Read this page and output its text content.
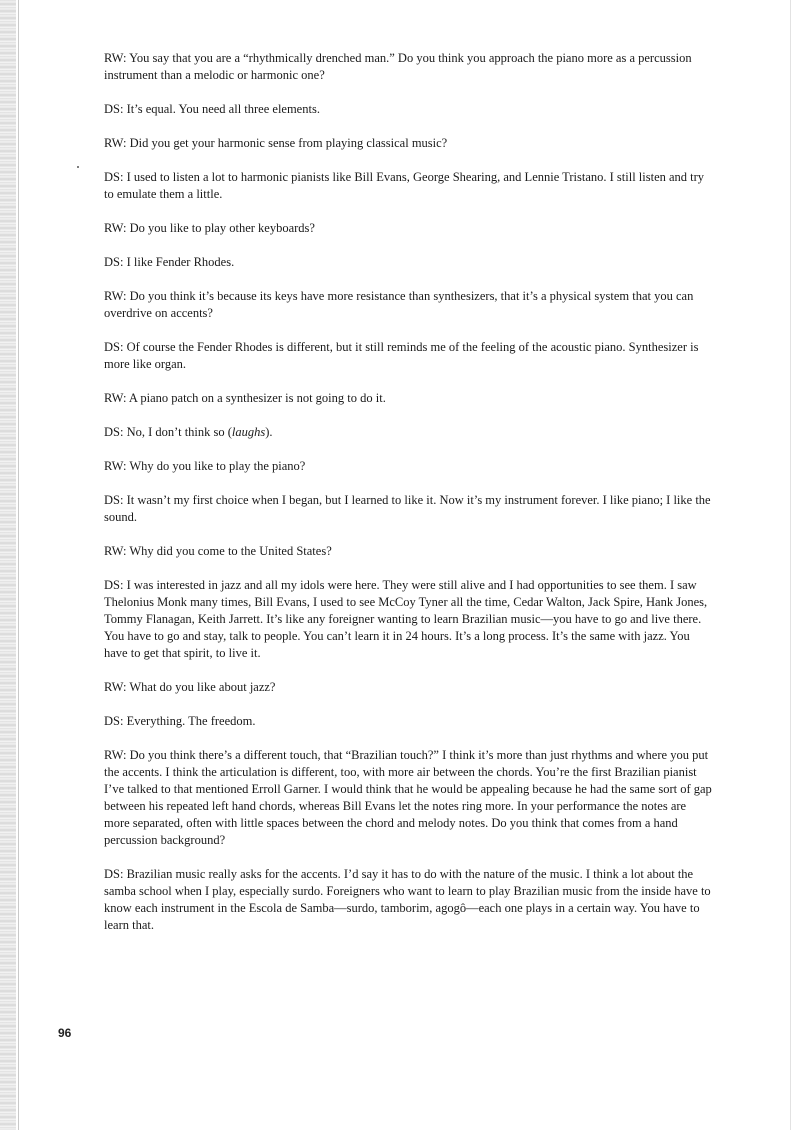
RW: You say that you are a “rhythmically drenched man.” Do you think you approach the piano more as a percussion instrument than a melodic or harmonic one?

DS: It’s equal. You need all three elements.

RW: Did you get your harmonic sense from playing classical music?

DS: I used to listen a lot to harmonic pianists like Bill Evans, George Shearing, and Lennie Tristano. I still listen and try to emulate them a little.

RW: Do you like to play other keyboards?

DS: I like Fender Rhodes.

RW: Do you think it’s because its keys have more resistance than synthesizers, that it’s a physical system that you can overdrive on accents?

DS: Of course the Fender Rhodes is different, but it still reminds me of the feeling of the acoustic piano. Synthesizer is more like organ.

RW: A piano patch on a synthesizer is not going to do it.

DS: No, I don’t think so (laughs).

RW: Why do you like to play the piano?

DS: It wasn’t my first choice when I began, but I learned to like it. Now it’s my instrument forever. I like piano; I like the sound.

RW: Why did you come to the United States?

DS: I was interested in jazz and all my idols were here. They were still alive and I had opportunities to see them. I saw Thelonius Monk many times, Bill Evans, I used to see McCoy Tyner all the time, Cedar Walton, Jack Spire, Hank Jones, Tommy Flanagan, Keith Jarrett. It’s like any foreigner wanting to learn Brazilian music—you have to go and live there. You have to go and stay, talk to people. You can’t learn it in 24 hours. It’s a long process. It’s the same with jazz. You have to get that spirit, to live it.

RW: What do you like about jazz?

DS: Everything. The freedom.

RW: Do you think there’s a different touch, that “Brazilian touch?” I think it’s more than just rhythms and where you put the accents. I think the articulation is different, too, with more air between the chords. You’re the first Brazilian pianist I’ve talked to that mentioned Erroll Garner. I would think that he would be appealing because he had the same sort of gap between his repeated left hand chords, whereas Bill Evans let the notes ring more. In your performance the notes are more separated, often with little spaces between the chord and melody notes. Do you think that comes from a hand percussion background?

DS: Brazilian music really asks for the accents. I’d say it has to do with the nature of the music. I think a lot about the samba school when I play, especially surdo. Foreigners who want to learn to play Brazilian music from the inside have to know each instrument in the Escola de Samba—surdo, tamborim, agogô—each one plays in a certain way. You have to learn that.

96
